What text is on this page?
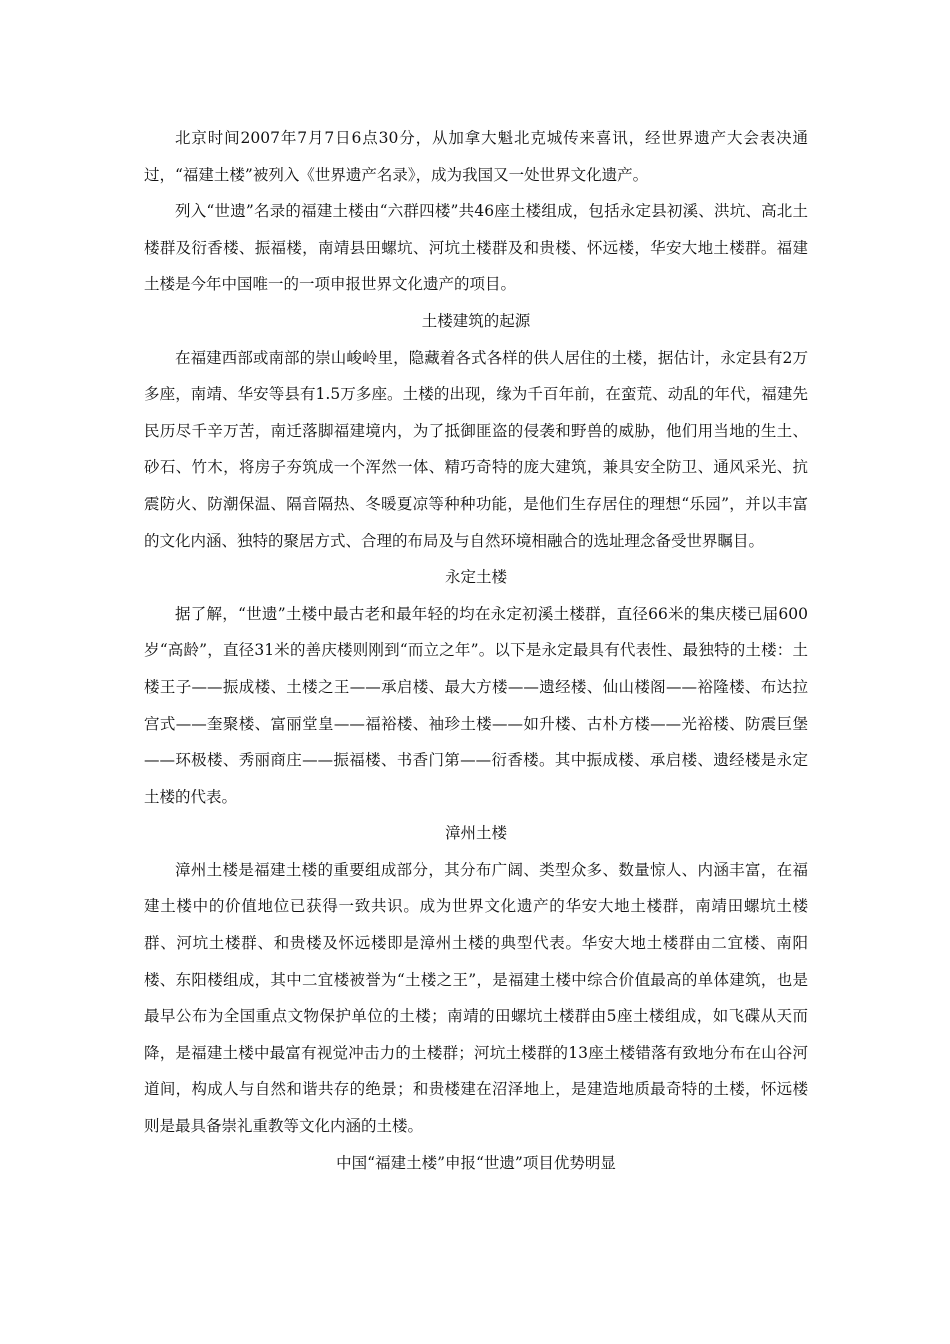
北京时间2007年7月7日6点30分，从加拿大魁北克城传来喜讯，经世界遗产大会表决通过，“福建土楼”被列入《世界遗产名录》，成为我国又一处世界文化遗产。

列入“世遗”名录的福建土楼由“六群四楼”共46座土楼组成，包括永定县初溪、洪坑、高北土楼群及衍香楼、振福楼，南靖县田螺坑、河坑土楼群及和贵楼、怀远楼，华安大地土楼群。福建土楼是今年中国唯一的一项申报世界文化遗产的项目。

土楼建筑的起源

在福建西部或南部的崇山峻岭里，隐藏着各式各样的供人居住的土楼，据估计，永定县有2万多座，南靖、华安等县有1.5万多座。土楼的出现，缘为千百年前，在蛮荒、动乱的年代，福建先民历尽千辛万苦，南迁落脚福建境内，为了抵御匪盗的侵袭和野兽的威胁，他们用当地的生土、砂石、竹木，将房子夯筑成一个浑然一体、精巧奇特的庞大建筑，兼具安全防卫、通风采光、抗震防火、防潮保温、隔音隔热、冬暖夏凉等种种功能，是他们生存居住的理想“乐园”，并以丰富的文化内涵、独特的聚居方式、合理的布局及与自然环境相融合的选址理念备受世界瞩目。

永定土楼

据了解，“世遗”土楼中最古老和最年轻的均在永定初溪土楼群，直径66米的集庆楼已届600岁“高龄”，直径31米的善庆楼则刚到“而立之年”。以下是永定最具有代表性、最独特的土楼：土楼王子——振成楼、土楼之王——承启楼、最大方楼——遗经楼、仙山楼阁——裕隆楼、布达拉宫式——奎聚楼、富丽堂皇——福裕楼、袖珍土楼——如升楼、古朴方楼——光裕楼、防震巨堡——环极楼、秀丽商庄——振福楼、书香门第——衍香楼。其中振成楼、承启楼、遗经楼是永定土楼的代表。

漳州土楼

漳州土楼是福建土楼的重要组成部分，其分布广阔、类型众多、数量惊人、内涵丰富，在福建土楼中的价值地位已获得一致共识。成为世界文化遗产的华安大地土楼群，南靖田螺坑土楼群、河坑土楼群、和贵楼及怀远楼即是漳州土楼的典型代表。华安大地土楼群由二宜楼、南阳楼、东阳楼组成，其中二宜楼被誉为“土楼之王”，是福建土楼中综合价值最高的单体建筑，也是最早公布为全国重点文物保护单位的土楼；南靖的田螺坑土楼群由5座土楼组成，如飞碟从天而降，是福建土楼中最富有视觉冲击力的土楼群；河坑土楼群的13座土楼错落有致地分布在山谷河道间，构成人与自然和谐共存的绝景；和贵楼建在沼泽地上，是建造地质最奇特的土楼，怀远楼则是最具备崇礼重教等文化内涵的土楼。

中国“福建土楼”申报“世遗”项目优势明显
